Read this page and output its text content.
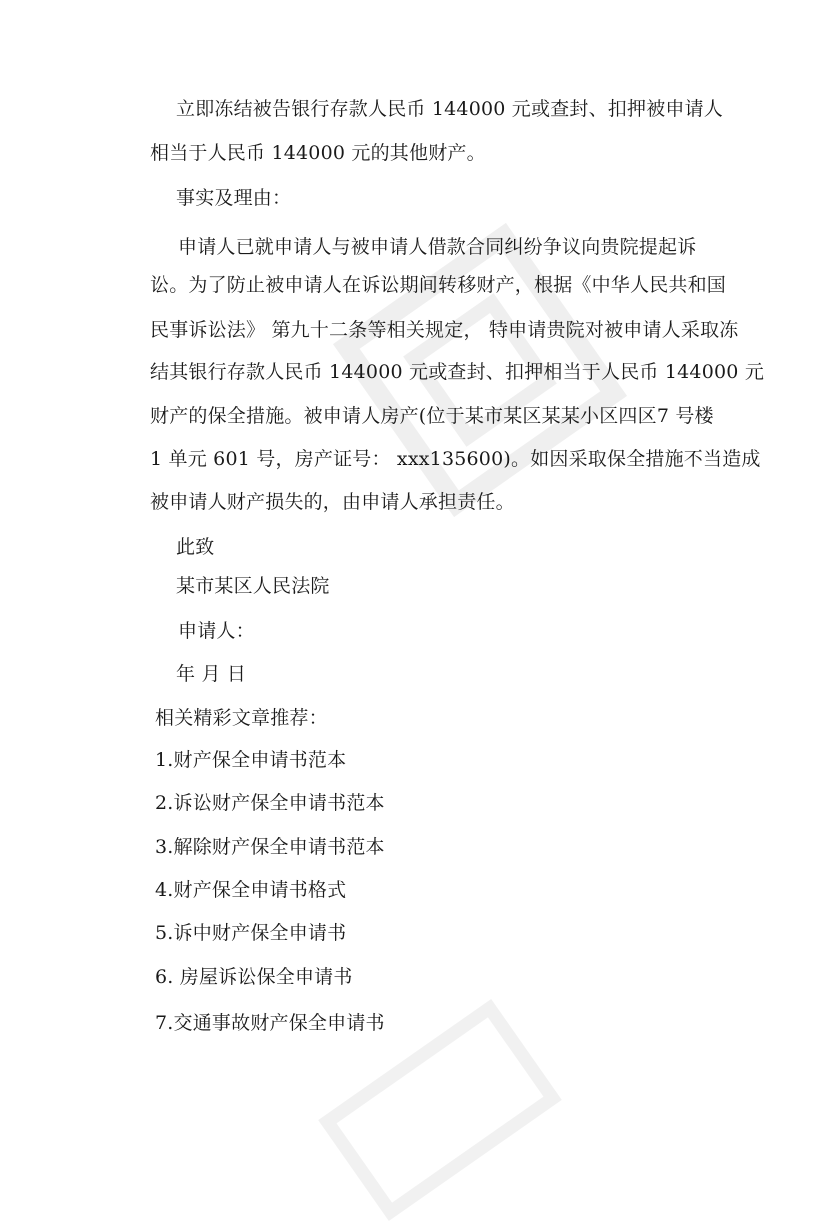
立即冻结被告银行存款人民币 144000 元或查封、扣押被申请人
相当于人民币 144000 元的其他财产。
事实及理由：
申请人已就申请人与被申请人借款合同纠纷争议向贵院提起诉
讼。为了防止被申请人在诉讼期间转移财产，根据《中华人民共和国
民事诉讼法》 第九十二条等相关规定， 特申请贵院对被申请人采取冻
结其银行存款人民币 144000 元或查封、扣押相当于人民币 144000 元
财产的保全措施。被申请人房产(位于某市某区某某小区四区7 号楼
1 单元 601 号，房产证号： xxx135600)。如因采取保全措施不当造成
被申请人财产损失的，由申请人承担责任。
此致
某市某区人民法院
申请人：
年 月 日
相关精彩文章推荐：
1.财产保全申请书范本
2.诉讼财产保全申请书范本
3.解除财产保全申请书范本
4.财产保全申请书格式
5.诉中财产保全申请书
6. 房屋诉讼保全申请书
7.交通事故财产保全申请书
